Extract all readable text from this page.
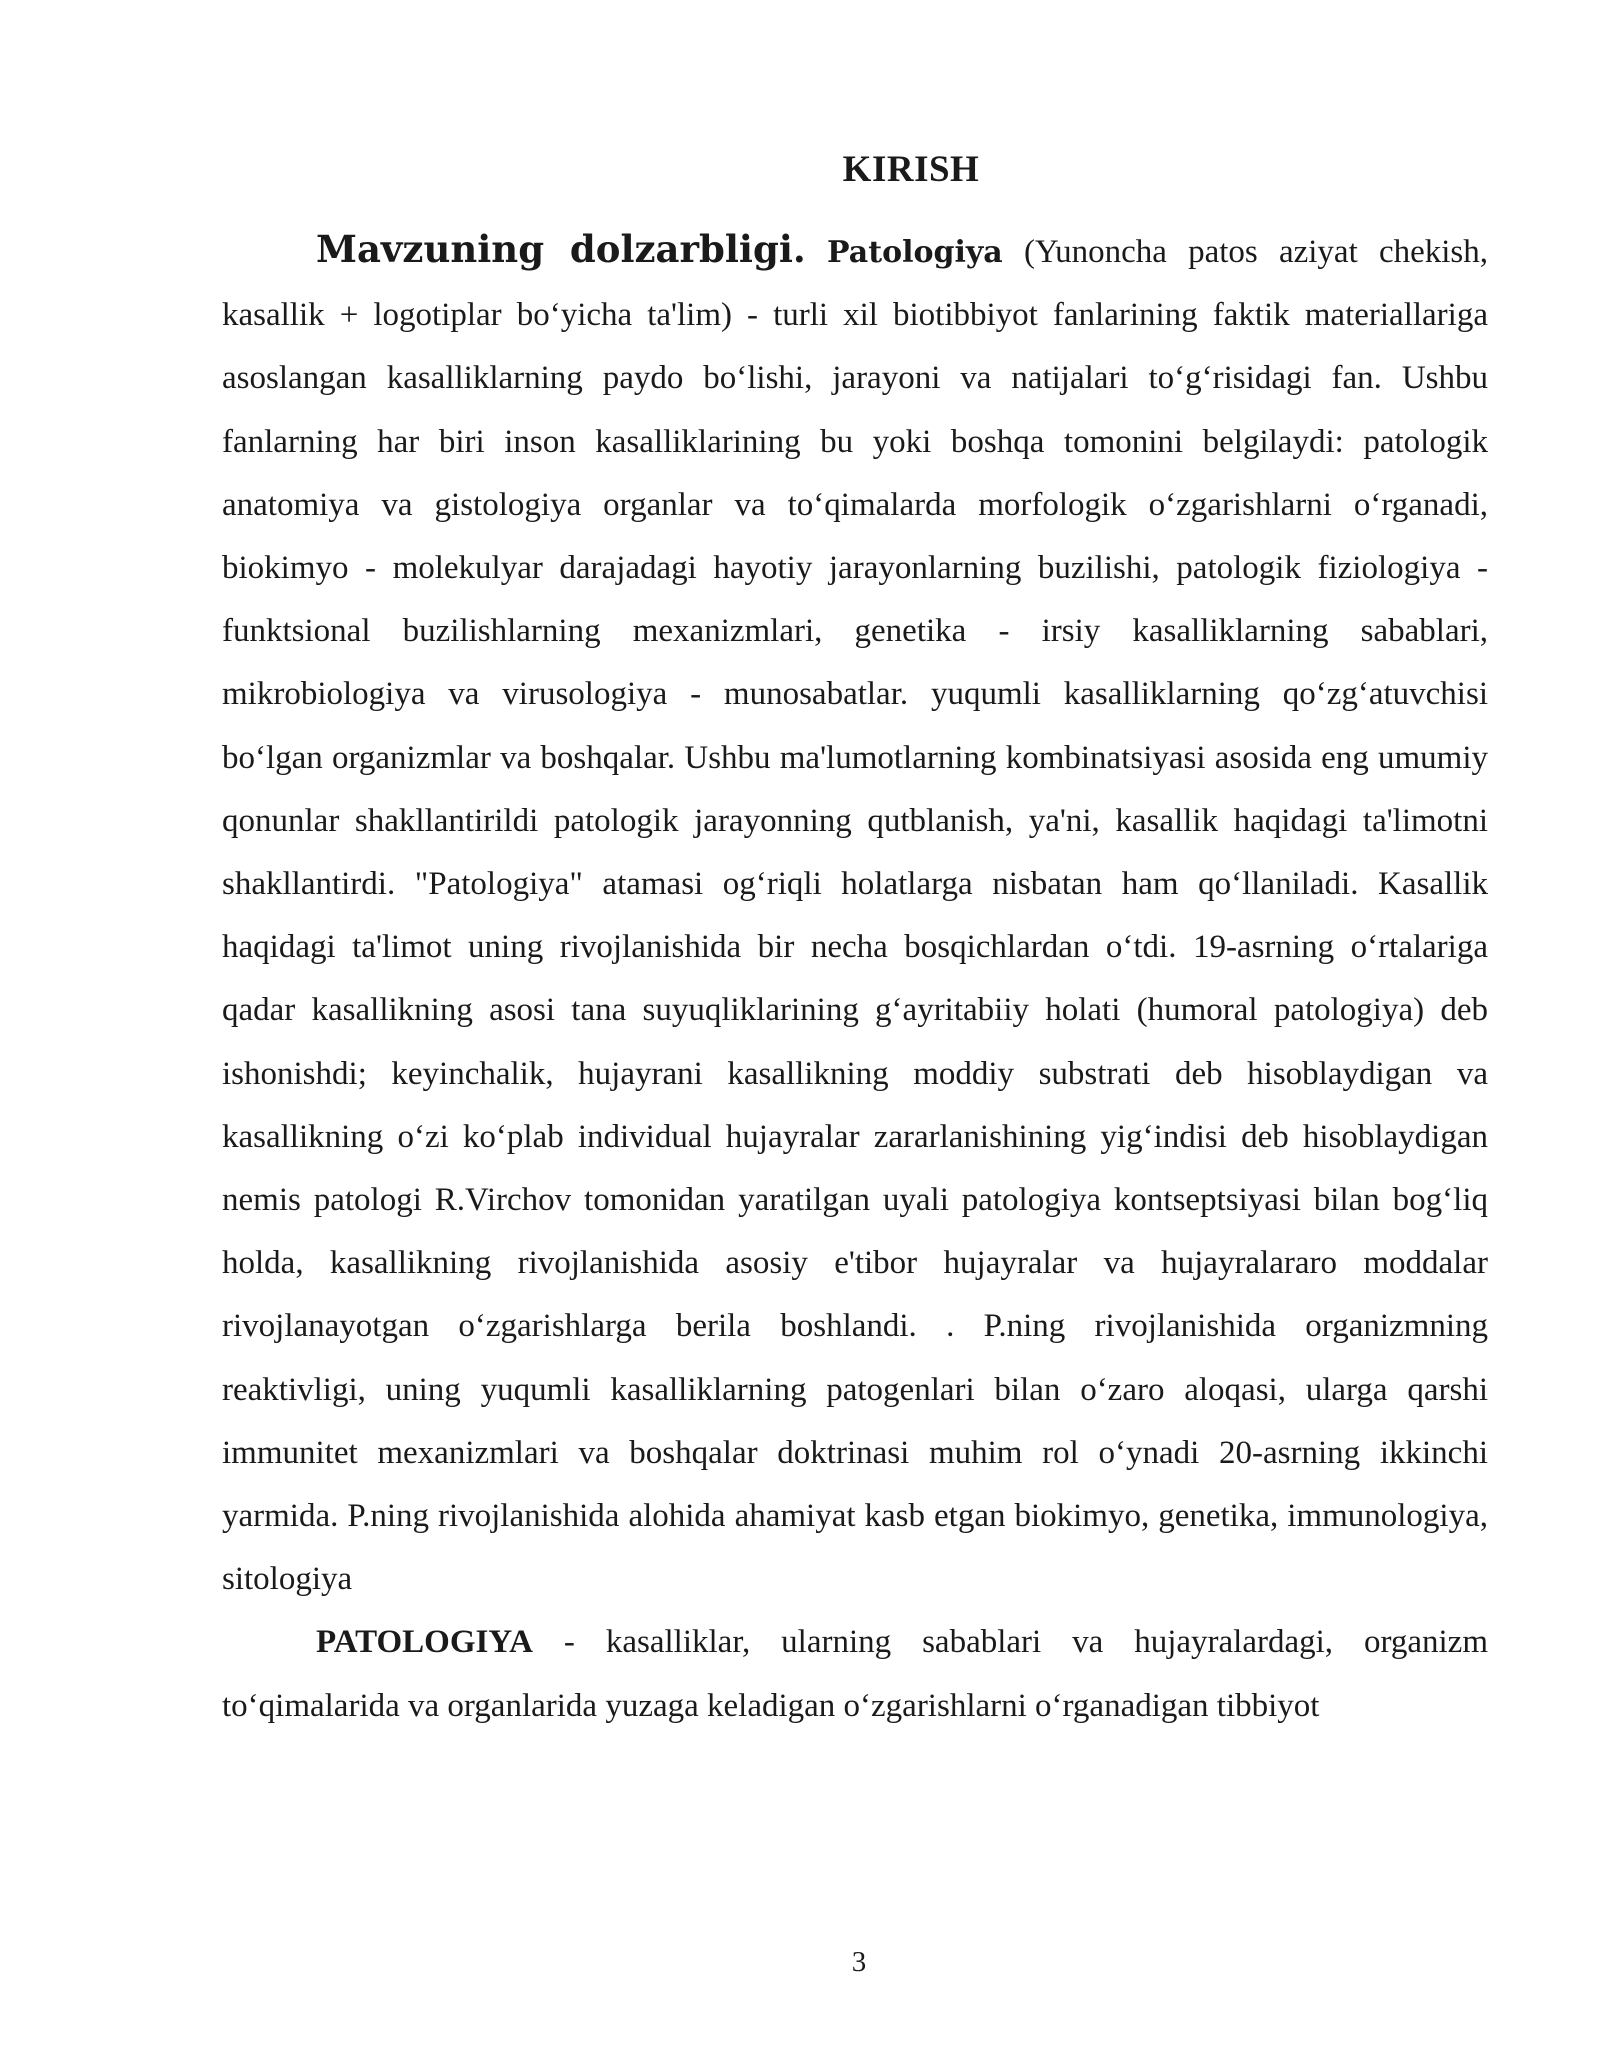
KIRISH

Mavzuning dolzarbligi. Patologiya (Yunoncha patos aziyat chekish, kasallik + logotiplar bo‘yicha ta'lim) - turli xil biotibbiyot fanlarining faktik materiallariga asoslangan kasalliklarning paydo bo‘lishi, jarayoni va natijalari to‘g‘risidagi fan. Ushbu fanlarning har biri inson kasalliklarining bu yoki boshqa tomonini belgilaydi: patologik anatomiya va gistologiya organlar va to‘qimalarda morfologik o‘zgarishlarni o‘rganadi, biokimyo - molekulyar darajadagi hayotiy jarayonlarning buzilishi, patologik fiziologiya - funktsional buzilishlarning mexanizmlari, genetika - irsiy kasalliklarning sabablari, mikrobiologiya va virusologiya - munosabatlar. yuqumli kasalliklarning qo‘zg‘atuvchisi bo‘lgan organizmlar va boshqalar. Ushbu ma'lumotlarning kombinatsiyasi asosida eng umumiy qonunlar shakllantirildi patologik jarayonning qutblanish, ya'ni, kasallik haqidagi ta'limotni shakllantirdi. "Patologiya" atamasi og‘riqli holatlarga nisbatan ham qo‘llaniladi. Kasallik haqidagi ta'limot uning rivojlanishida bir necha bosqichlardan o‘tdi. 19-asrning o‘rtalariga qadar kasallikning asosi tana suyuqliklarining g‘ayritabiiy holati (humoral patologiya) deb ishonishdi; keyinchalik, hujayrani kasallikning moddiy substrati deb hisoblaydigan va kasallikning o‘zi ko‘plab individual hujayralar zararlanishining yig‘indisi deb hisoblaydigan nemis patologi R.Virchov tomonidan yaratilgan uyali patologiya kontseptsiyasi bilan bog‘liq holda, kasallikning rivojlanishida asosiy e'tibor hujayralar va hujayralararo moddalar rivojlanayotgan o‘zgarishlarga berila boshlandi. . P.ning rivojlanishida organizmning reaktivligi, uning yuqumli kasalliklarning patogenlari bilan o‘zaro aloqasi, ularga qarshi immunitet mexanizmlari va boshqalar doktrinasi muhim rol o‘ynadi 20-asrning ikkinchi yarmida. P.ning rivojlanishida alohida ahamiyat kasb etgan biokimyo, genetika, immunologiya, sitologiya

PATOLOGIYA - kasalliklar, ularning sabablari va hujayralardagi, organizm to‘qimalarida va organlarida yuzaga keladigan o‘zgarishlarni o‘rganadigan tibbiyot

3
